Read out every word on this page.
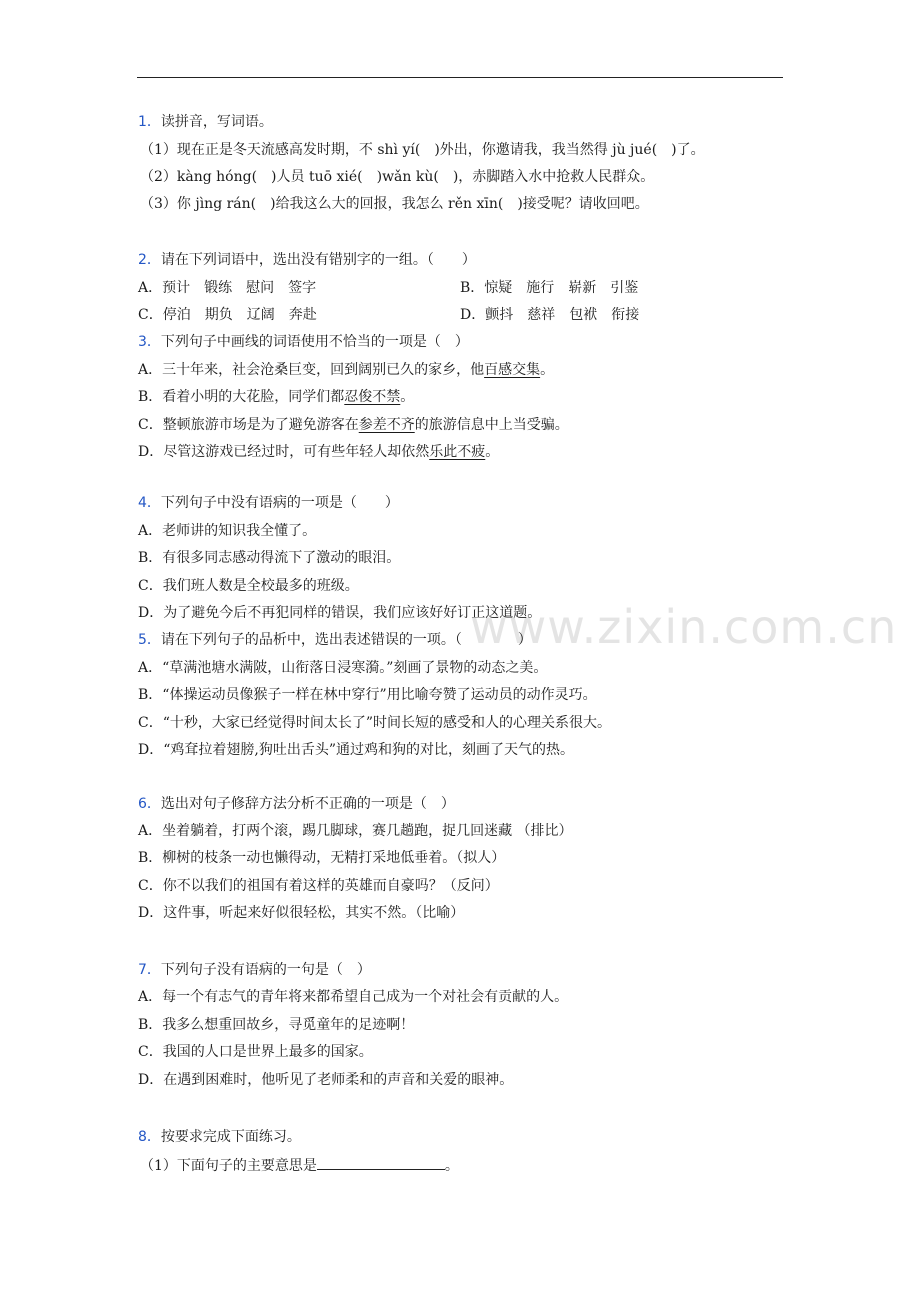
www.zixin.com.cn
1．读拼音，写词语。
（1）现在正是冬天流感高发时期，不 shì yí(　)外出，你邀请我，我当然得 jù jué(　)了。
（2）kàng hóng(　)人员 tuō xié(　)wǎn kù(　)，赤脚踏入水中抢救人民群众。
（3）你 jìng rán(　)给我这么大的回报，我怎么 rěn xīn(　)接受呢？请收回吧。
2．请在下列词语中，选出没有错别字的一组。（　　）
A．预计　锻练　慰问　签字	B．惊疑　施行　崭新　引鉴
C．停泊　期负　辽阔　奔赴	D．颤抖　慈祥　包袱　衔接
3．下列句子中画线的词语使用不恰当的一项是（　）
A．三十年来，社会沧桑巨变，回到阔别已久的家乡，他百感交集。
B．看着小明的大花脸，同学们都忍俊不禁。
C．整顿旅游市场是为了避免游客在参差不齐的旅游信息中上当受骗。
D．尽管这游戏已经过时，可有些年轻人却依然乐此不疲。
4．下列句子中没有语病的一项是（　　）
A．老师讲的知识我全懂了。
B．有很多同志感动得流下了激动的眼泪。
C．我们班人数是全校最多的班级。
D．为了避免今后不再犯同样的错误，我们应该好好订正这道题。
5．请在下列句子的品析中，选出表述错误的一项。（　　　　）
A．“草满池塘水满陂，山衔落日浸寒漪。”刻画了景物的动态之美。
B．“体操运动员像猴子一样在林中穿行”用比喻夸赞了运动员的动作灵巧。
C．“十秒，大家已经觉得时间太长了”时间长短的感受和人的心理关系很大。
D．“鸡耷拉着翅膀,狗吐出舌头”通过鸡和狗的对比，刻画了天气的热。
6．选出对句子修辞方法分析不正确的一项是（　）
A．坐着躺着，打两个滚，踢几脚球，赛几趟跑，捉几回迷藏 （排比）
B．柳树的枝条一动也懒得动，无精打采地低垂着。（拟人）
C．你不以我们的祖国有着这样的英雄而自豪吗？（反问）
D．这件事，听起来好似很轻松，其实不然。（比喻）
7．下列句子没有语病的一句是（　）
A．每一个有志气的青年将来都希望自己成为一个对社会有贡献的人。
B．我多么想重回故乡，寻觅童年的足迹啊！
C．我国的人口是世界上最多的国家。
D．在遇到困难时，他听见了老师柔和的声音和关爱的眼神。
8．按要求完成下面练习。
（1）下面句子的主要意思是	。
